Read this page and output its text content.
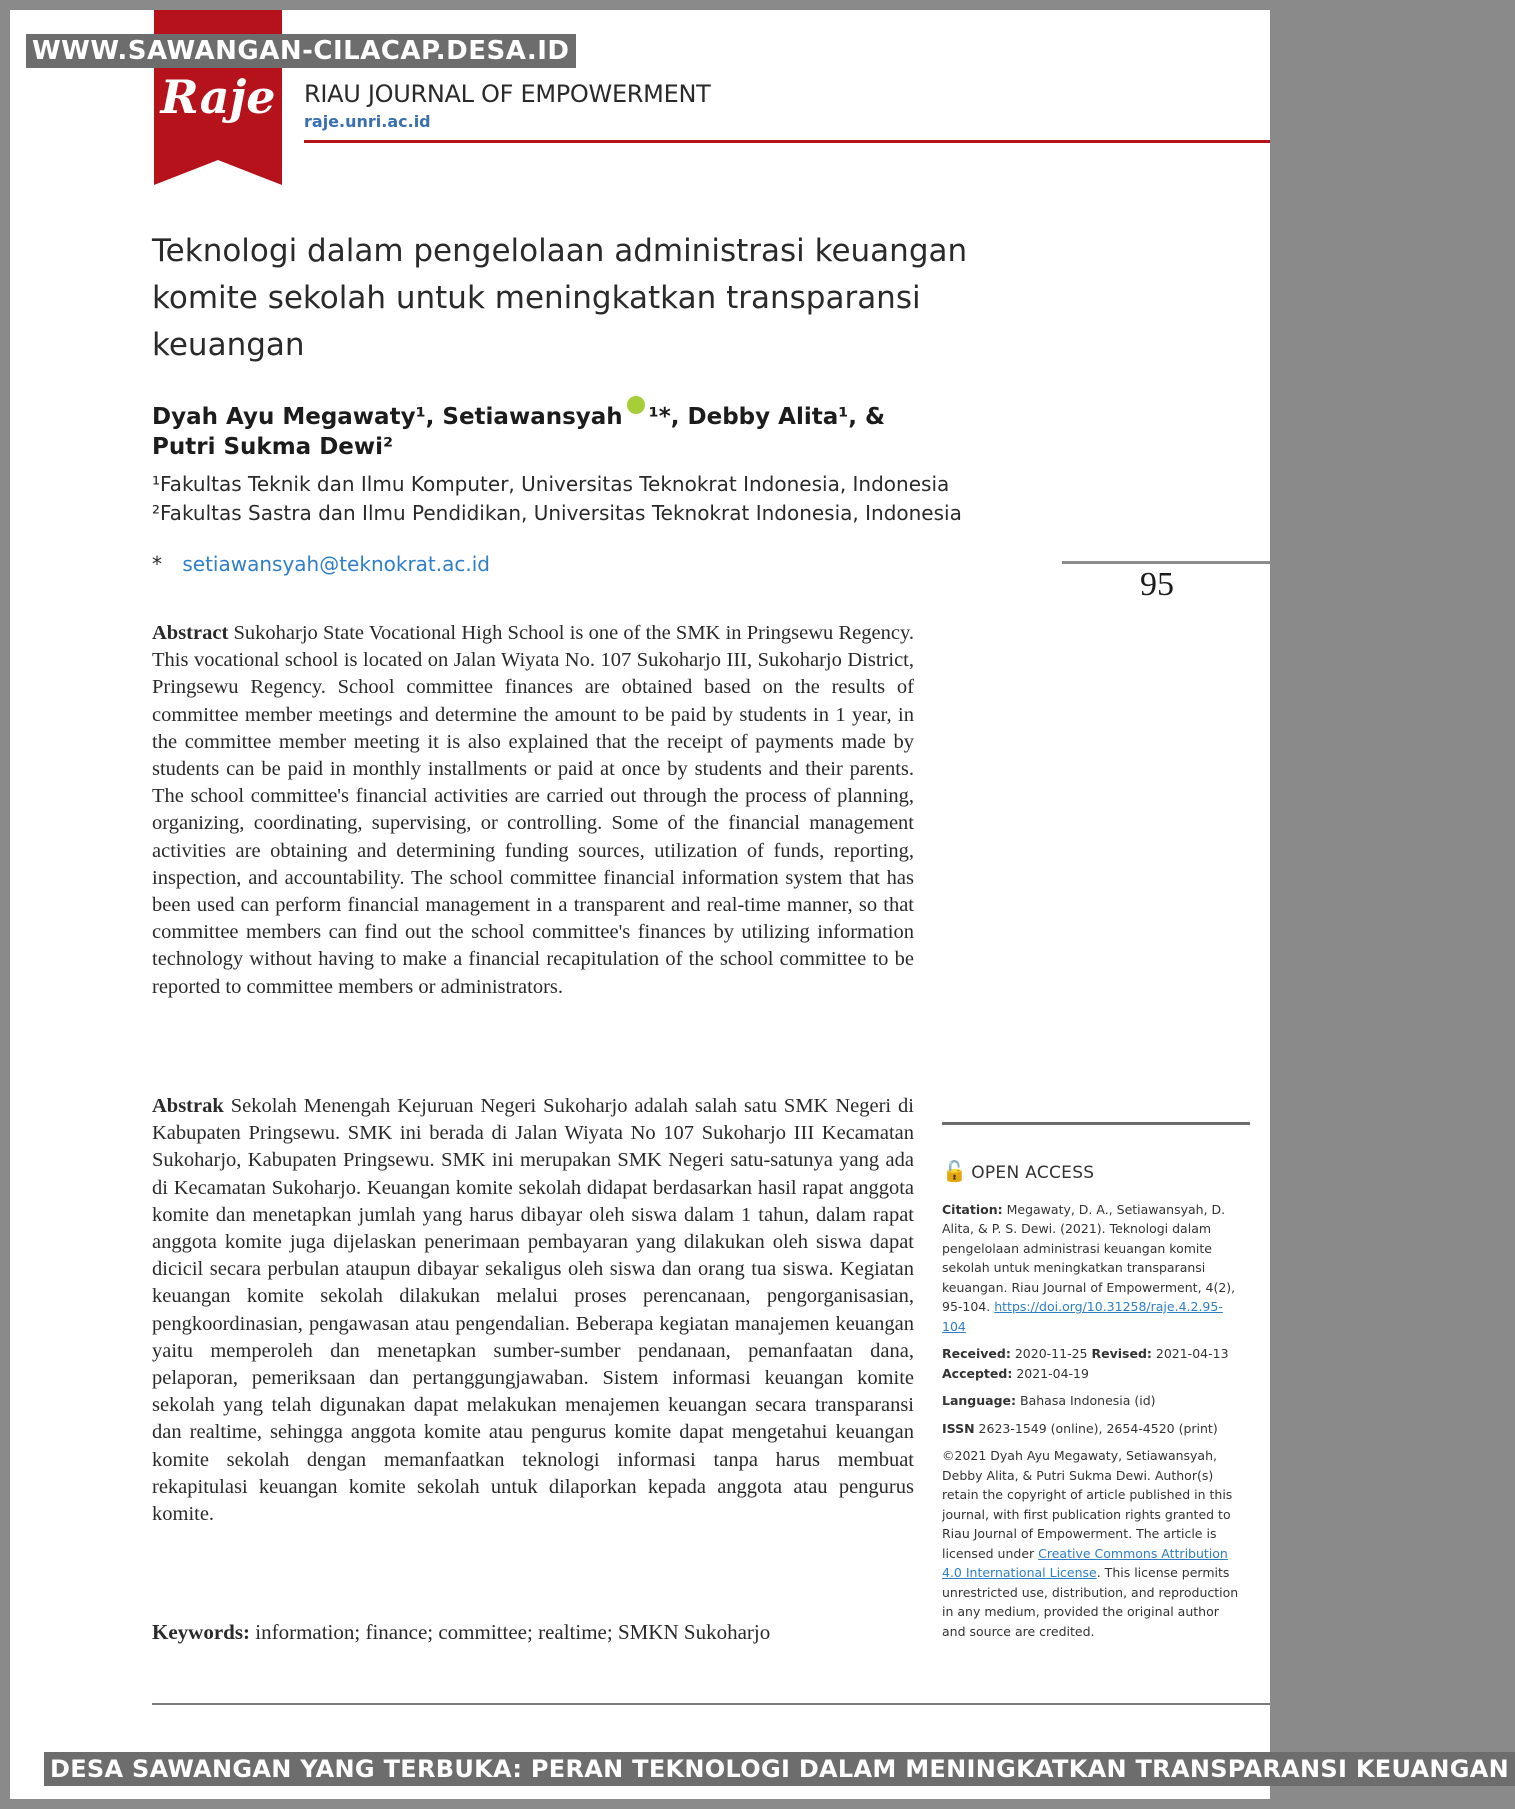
WWW.SAWANGAN-CILACAP.DESA.ID
Raje RIAU JOURNAL OF EMPOWERMENT
raje.unri.ac.id
Teknologi dalam pengelolaan administrasi keuangan komite sekolah untuk meningkatkan transparansi keuangan
Dyah Ayu Megawaty¹, Setiawansyah ¹*, Debby Alita¹, &
Putri Sukma Dewi²
¹Fakultas Teknik dan Ilmu Komputer, Universitas Teknokrat Indonesia, Indonesia
²Fakultas Sastra dan Ilmu Pendidikan, Universitas Teknokrat Indonesia, Indonesia
* setiawansyah@teknokrat.ac.id
95

Abstract Sukoharjo State Vocational High School is one of the SMK in Pringsewu Regency. This vocational school is located on Jalan Wiyata No. 107 Sukoharjo III, Sukoharjo District, Pringsewu Regency. School committee finances are obtained based on the results of committee member meetings and determine the amount to be paid by students in 1 year, in the committee member meeting it is also explained that the receipt of payments made by students can be paid in monthly installments or paid at once by students and their parents. The school committee's financial activities are carried out through the process of planning, organizing, coordinating, supervising, or controlling. Some of the financial management activities are obtaining and determining funding sources, utilization of funds, reporting, inspection, and accountability. The school committee financial information system that has been used can perform financial management in a transparent and real-time manner, so that committee members can find out the school committee's finances by utilizing information technology without having to make a financial recapitulation of the school committee to be reported to committee members or administrators.

Abstrak Sekolah Menengah Kejuruan Negeri Sukoharjo adalah salah satu SMK Negeri di Kabupaten Pringsewu. SMK ini berada di Jalan Wiyata No 107 Sukoharjo III Kecamatan Sukoharjo, Kabupaten Pringsewu. SMK ini merupakan SMK Negeri satu-satunya yang ada di Kecamatan Sukoharjo. Keuangan komite sekolah didapat berdasarkan hasil rapat anggota komite dan menetapkan jumlah yang harus dibayar oleh siswa dalam 1 tahun, dalam rapat anggota komite juga dijelaskan penerimaan pembayaran yang dilakukan oleh siswa dapat dicicil secara perbulan ataupun dibayar sekaligus oleh siswa dan orang tua siswa. Kegiatan keuangan komite sekolah dilakukan melalui proses perencanaan, pengorganisasian, pengkoordinasian, pengawasan atau pengendalian. Beberapa kegiatan manajemen keuangan yaitu memperoleh dan menetapkan sumber-sumber pendanaan, pemanfaatan dana, pelaporan, pemeriksaan dan pertanggungjawaban. Sistem informasi keuangan komite sekolah yang telah digunakan dapat melakukan menajemen keuangan secara transparansi dan realtime, sehingga anggota komite atau pengurus komite dapat mengetahui keuangan komite sekolah dengan memanfaatkan teknologi informasi tanpa harus membuat rekapitulasi keuangan komite sekolah untuk dilaporkan kepada anggota atau pengurus komite.

Keywords: information; finance; committee; realtime; SMKN Sukoharjo
🔓 OPEN ACCESS

Citation: Megawaty, D. A., Setiawansyah, D. Alita, & P. S. Dewi. (2021). Teknologi dalam pengelolaan administrasi keuangan komite sekolah untuk meningkatkan transparansi keuangan. Riau Journal of Empowerment, 4(2), 95-104. https://doi.org/10.31258/raje.4.2.95-104

Received: 2020-11-25 Revised: 2021-04-13
Accepted: 2021-04-19

Language: Bahasa Indonesia (id)

ISSN 2623-1549 (online), 2654-4520 (print)

©2021 Dyah Ayu Megawaty, Setiawansyah, Debby Alita, & Putri Sukma Dewi. Author(s) retain the copyright of article published in this journal, with first publication rights granted to Riau Journal of Empowerment. The article is licensed under Creative Commons Attribution 4.0 International License. This license permits unrestricted use, distribution, and reproduction in any medium, provided the original author and source are credited.

DESA SAWANGAN YANG TERBUKA: PERAN TEKNOLOGI DALAM MENINGKATKAN TRANSPARANSI KEUANGAN
